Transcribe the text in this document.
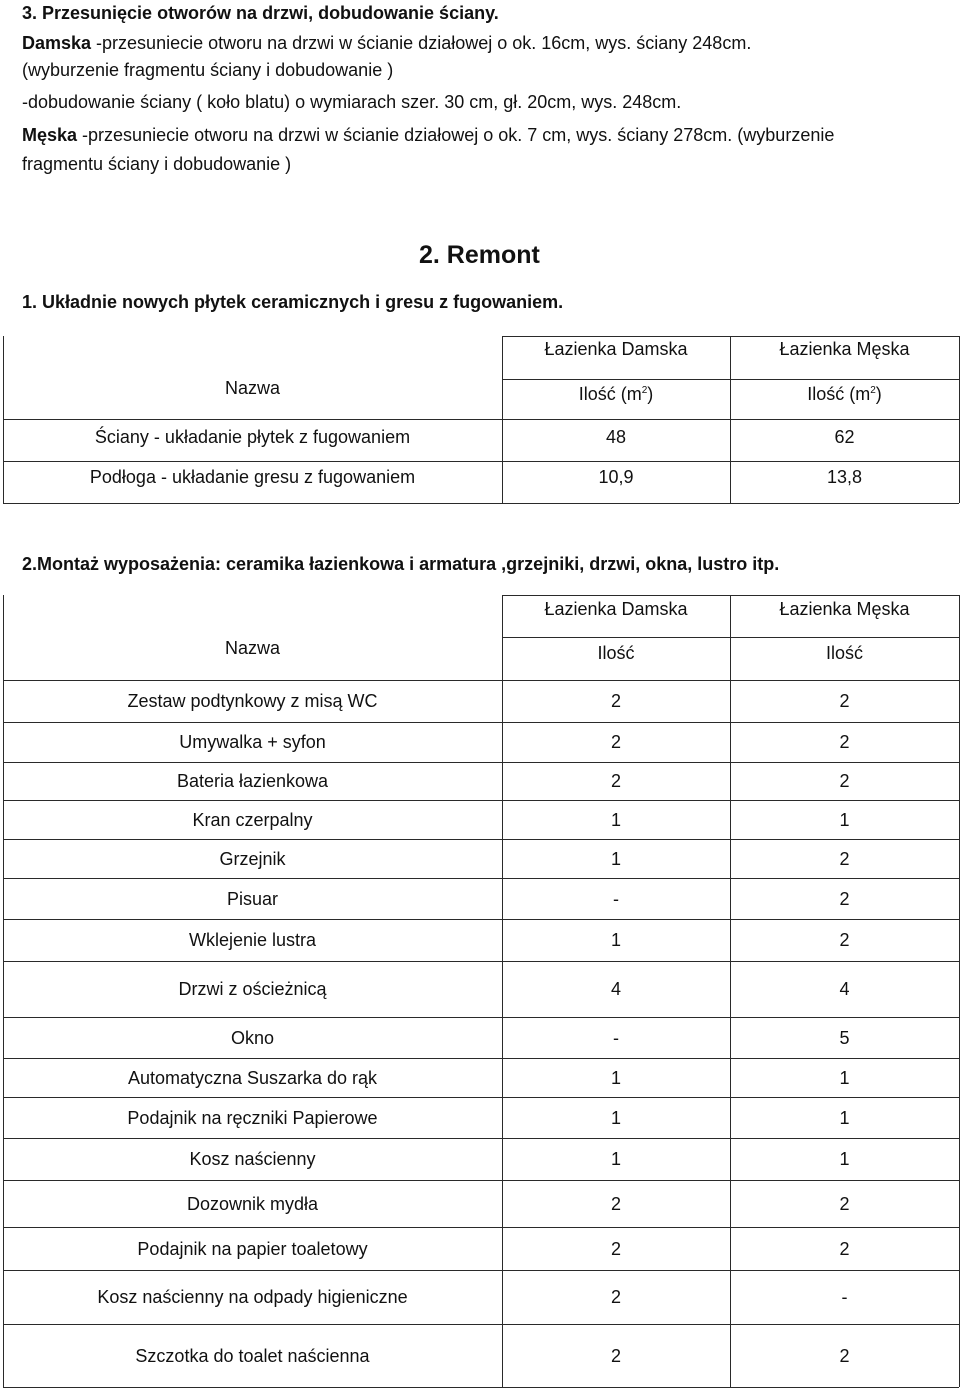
3. Przesunięcie otworów na drzwi, dobudowanie ściany.
Damska -przesuniecie otworu na drzwi w ścianie działowej o ok. 16cm, wys. ściany 248cm.
(wyburzenie fragmentu ściany i dobudowanie )
-dobudowanie ściany ( koło blatu) o wymiarach szer. 30 cm, gł. 20cm, wys. 248cm.
Męska -przesuniecie otworu na drzwi w ścianie działowej o ok. 7 cm, wys. ściany 278cm. (wyburzenie
fragmentu ściany i dobudowanie )
2. Remont
1. Układnie nowych płytek ceramicznych i gresu z fugowaniem.
Nazwa
Łazienka Damska	Łazienka Męska
Ilość $(m^2)$	Ilość $(m^2)$
Ściany - układanie płytek z fugowaniem	48	62
Podłoga - układanie gresu z fugowaniem	10,9	13,8
2.Montaż wyposażenia: ceramika łazienkowa i armatura ,grzejniki, drzwi, okna, lustro itp.
Nazwa
Łazienka Damska	Łazienka Męska
Ilość	Ilość
Zestaw podtynkowy z misą WC	2	2
Umywalka + syfon	2	2
Bateria łazienkowa	2	2
Kran czerpalny	1	1
Grzejnik	1	2
Pisuar	-	2
Wklejenie lustra	1	2
Drzwi z ościeżnicą	4	4
Okno	-	5
Automatyczna Suszarka do rąk	1	1
Podajnik na ręczniki Papierowe	1	1
Kosz naścienny	1	1
Dozownik mydła	2	2
Podajnik na papier toaletowy	2	2
Kosz naścienny na odpady higieniczne	2	-
Szczotka do toalet naścienna	2	2
